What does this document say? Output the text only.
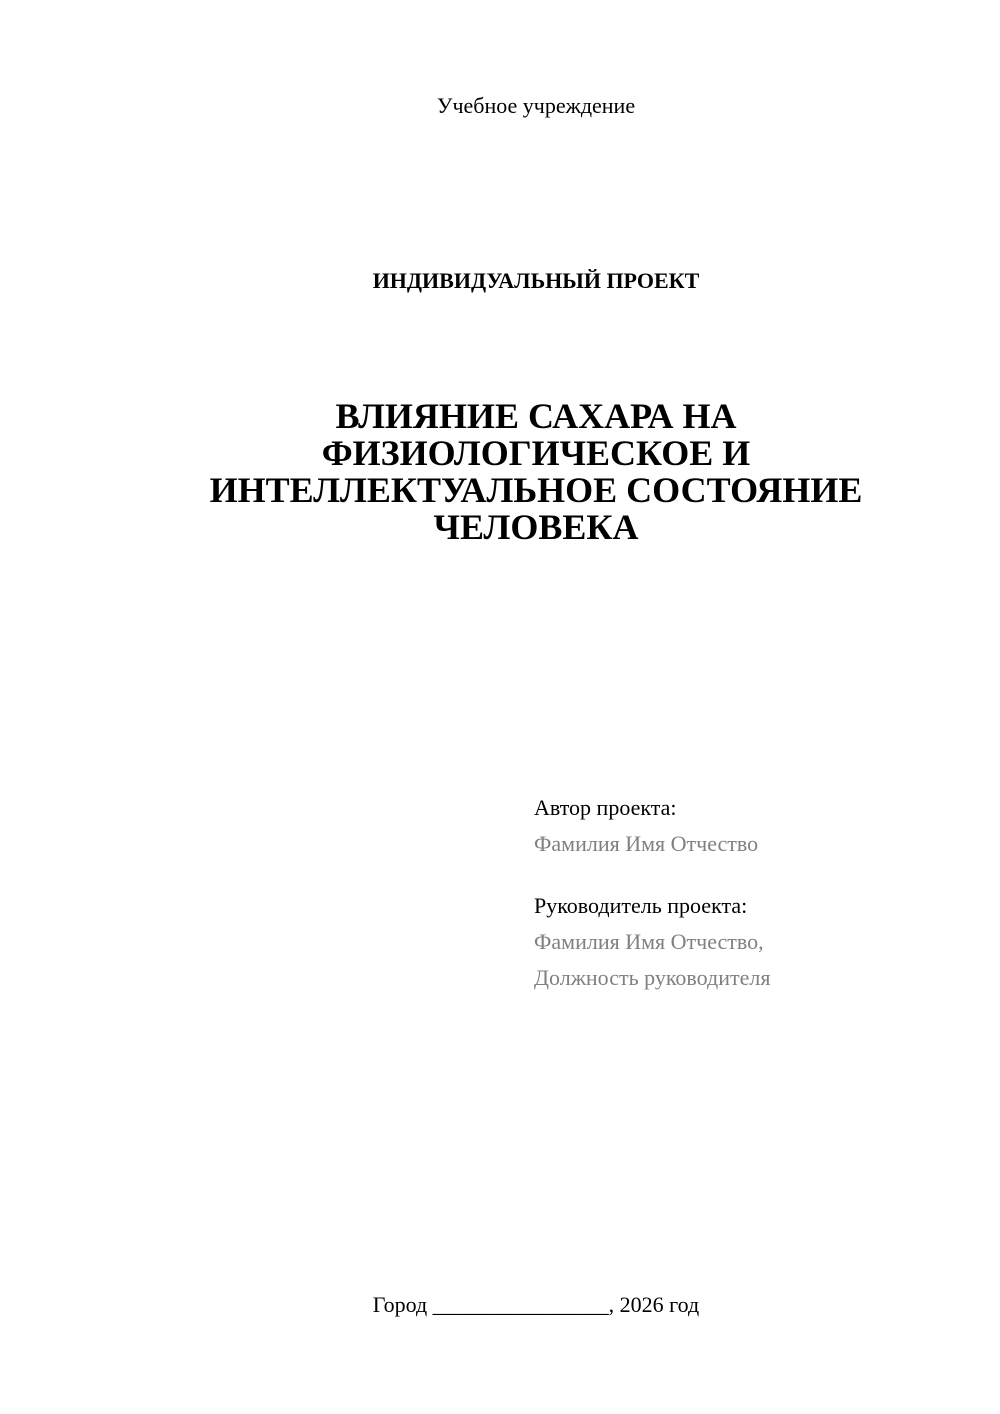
Учебное учреждение
ИНДИВИДУАЛЬНЫЙ ПРОЕКТ
ВЛИЯНИЕ САХАРА НА
ФИЗИОЛОГИЧЕСКОЕ И
ИНТЕЛЛЕКТУАЛЬНОЕ СОСТОЯНИЕ
ЧЕЛОВЕКА
Автор проекта:
Фамилия Имя Отчество
Руководитель проекта:
Фамилия Имя Отчество,
Должность руководителя
Город ________________, 2026 год
